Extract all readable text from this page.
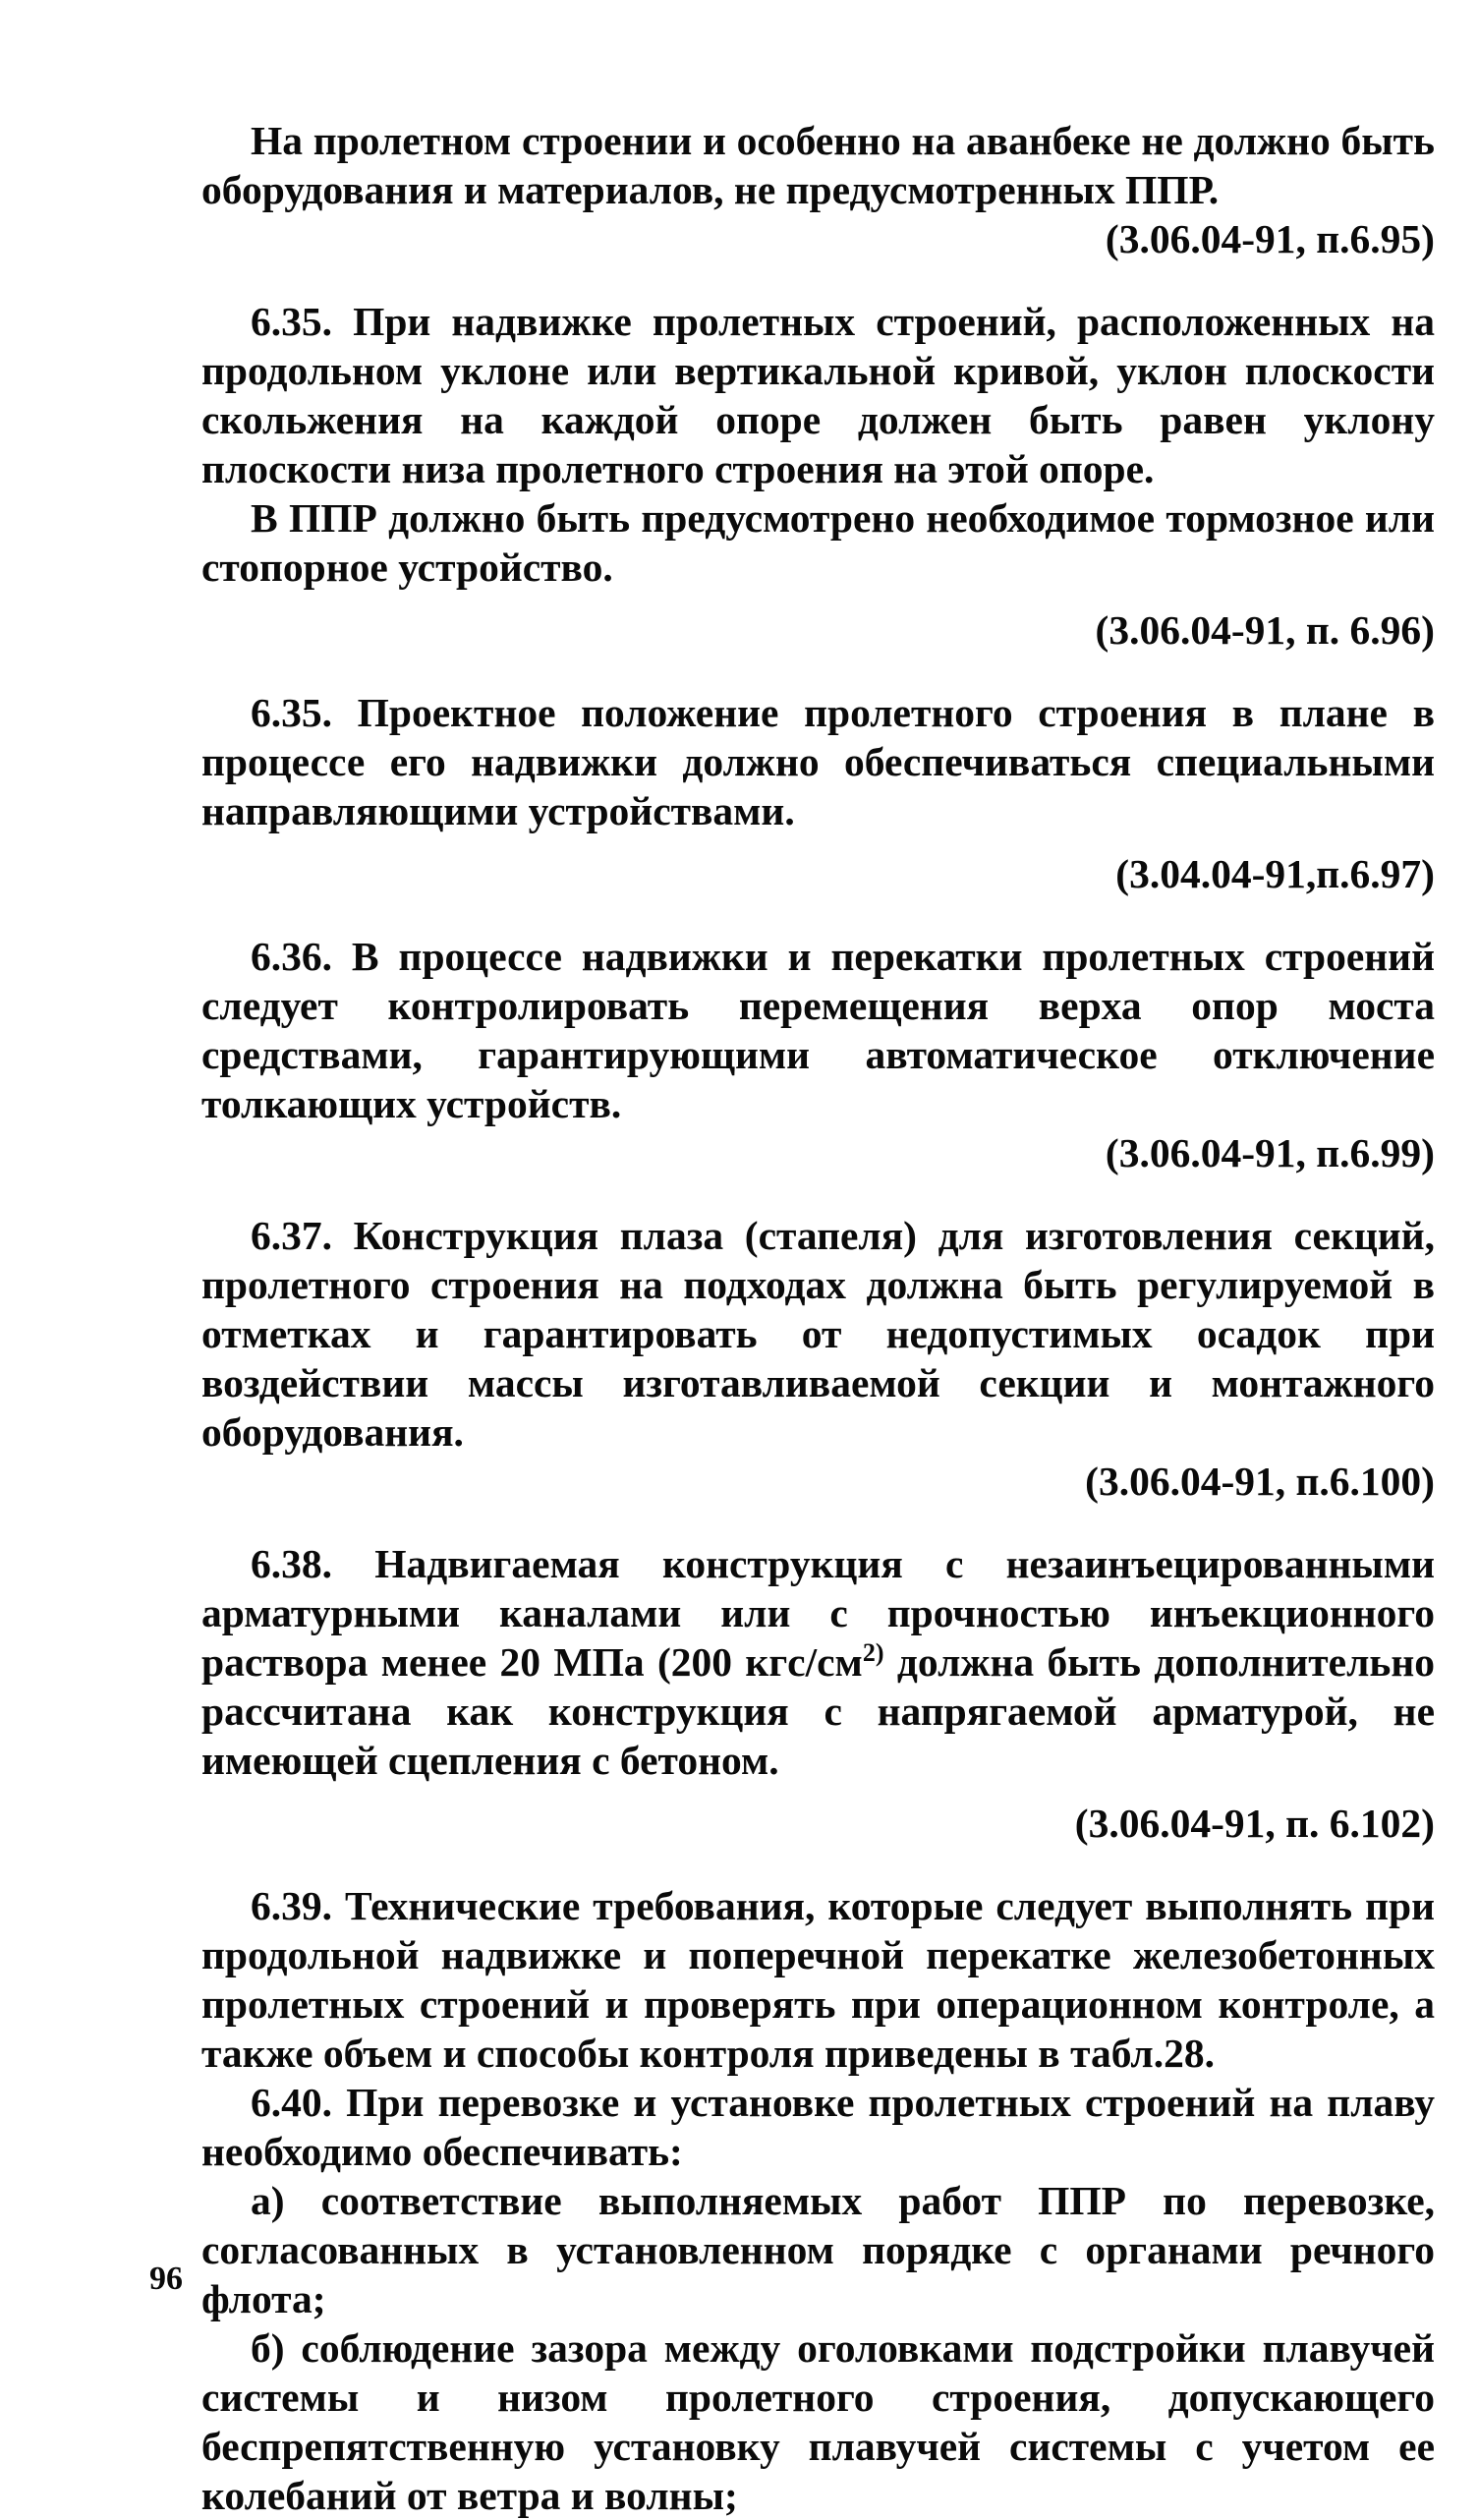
На пролетном строении и особенно на аванбеке не должно быть оборудования и материалов, не предусмотренных ППР.

(3.06.04-91, п.6.95)

6.35. При надвижке пролетных строений, расположенных на продольном уклоне или вертикальной кривой, уклон плоскости скольжения на каждой опоре должен быть равен уклону плоскости низа пролетного строения на этой опоре.

В ППР должно быть предусмотрено необходимое тормозное или стопорное устройство.

(3.06.04-91, п. 6.96)

6.35. Проектное положение пролетного строения в плане в процессе его надвижки должно обеспечиваться специальными направляющими устройствами.

(3.04.04-91,п.6.97)

6.36. В процессе надвижки и перекатки пролетных строений следует контролировать перемещения верха опор моста средствами, гарантирующими автоматическое отключение толкающих устройств.

(3.06.04-91, п.6.99)

6.37. Конструкция плаза (стапеля) для изготовления секций, пролетного строения на подходах должна быть регулируемой в отметках и гарантировать от недопустимых осадок при воздействии массы изготавливаемой секции и монтажного оборудования.

(3.06.04-91, п.6.100)

6.38. Надвигаемая конструкция с незаинъецированными арматурными каналами или с прочностью инъекционного раствора менее 20 МПа (200 кгс/$см^{2)}$ должна быть дополнительно рассчитана как конструкция с напрягаемой арматурой, не имеющей сцепления с бетоном.

(3.06.04-91, п. 6.102)

6.39. Технические требования, которые следует выполнять при продольной надвижке и поперечной перекатке железобетонных пролетных строений и проверять при операционном контроле, а также объем и способы контроля приведены в табл.28.

6.40. При перевозке и установке пролетных строений на плаву необходимо обеспечивать:

а) соответствие выполняемых работ ППР по перевозке, согласованных в установленном порядке с органами речного флота;

б) соблюдение зазора между оголовками подстройки плавучей системы и низом пролетного строения, допускающего беспрепятственную установку плавучей системы с учетом ее колебаний от ветра и волны;

96
